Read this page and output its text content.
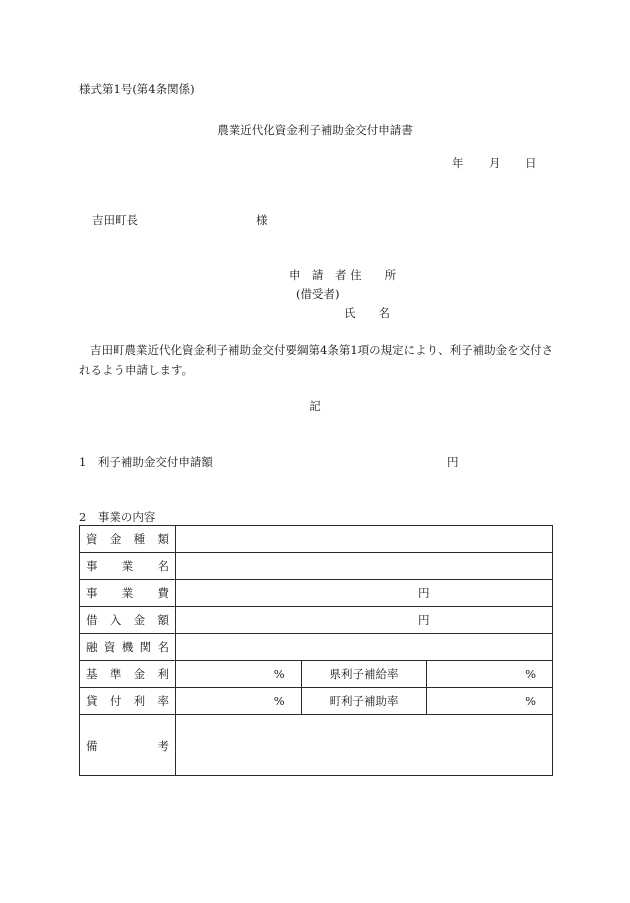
様式第1号(第4条関係)
農業近代化資金利子補助金交付申請書
年 月 日
吉田町長	様
申　請　者 住　　所
(借受者)
氏　　名
吉田町農業近代化資金利子補助金交付要綱第4条第1項の規定により、利子補助金を交付されるよう申請します。
記
1　利子補助金交付申請額	円
2　事業の内容
資 金 種 類			

事 業 名			

事 業 費	円		

借 入 金 額	円		

融 資 機 関 名			

基 準 金 利	%	県利子補給率	%

貸 付 利 率	%	町利子補助率	%

備 考			
